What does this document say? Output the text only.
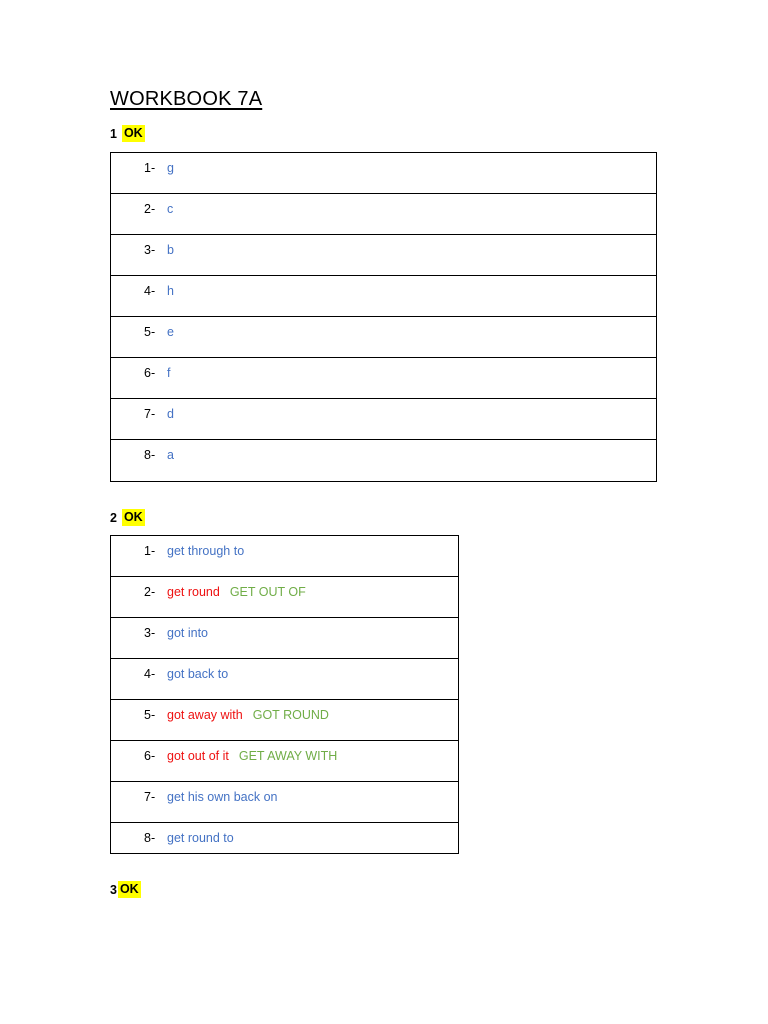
WORKBOOK 7A
1 OK
1- g
2- c
3- b
4- h
5- e
6- f
7- d
8- a
2 OK
1- get through to
2- get round GET OUT OF
3- got into
4- got back to
5- got away with GOT ROUND
6- got out of it GET AWAY WITH
7- get his own back on
8- get round to
3 OK
